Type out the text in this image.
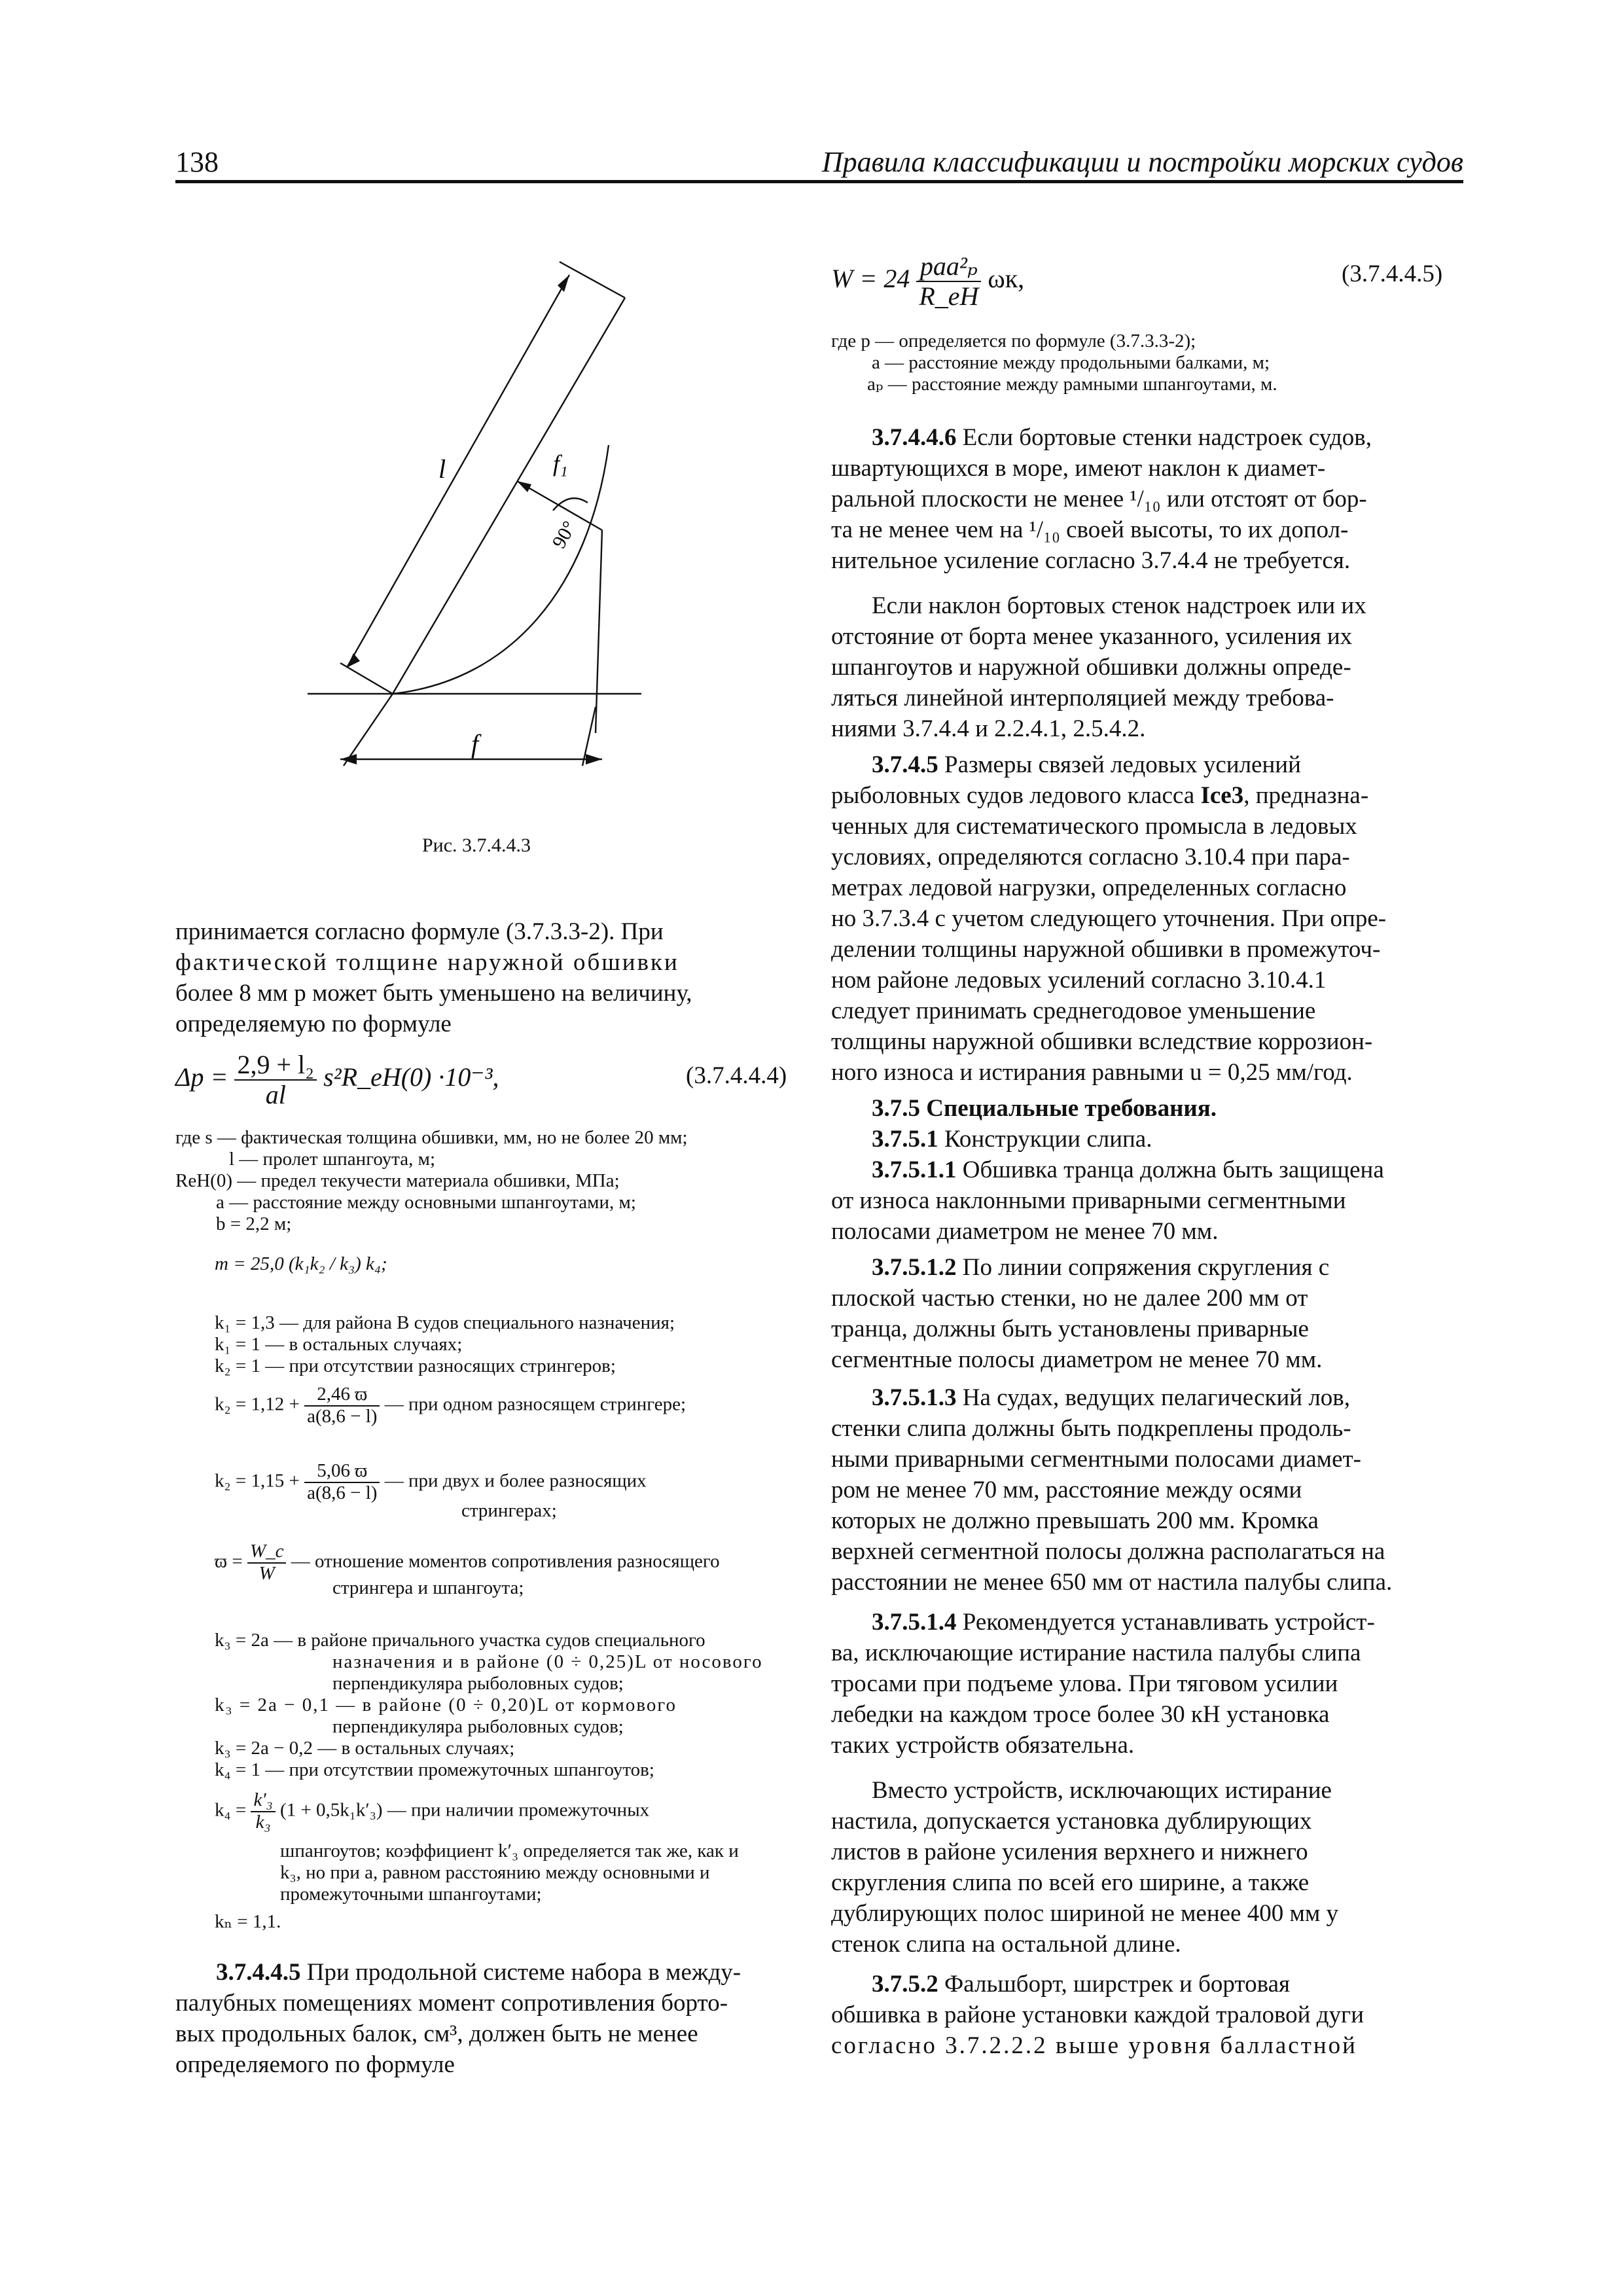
138	Правила классификации и постройки морских судов
l	f₁
f
90°
Рис. 3.7.4.4.3
принимается согласно формуле (3.7.3.3-2). При
фактической толщине наружной обшивки
более 8 мм p может быть уменьшено на величину,
определяемую по формуле
$\Delta p = \frac{\text{2,9 + l₂}}{al}$ s²R_eH(0) ·10⁻³,	(3.7.4.4.4)
где s — фактическая толщина обшивки, мм, но не более 20 мм;
l — пролет шпангоута, м;
ReH(0) — предел текучести материала обшивки, МПа;
a — расстояние между основными шпангоутами, м;
b = 2,2 м;
m = 25,0 (k₁k₂ / k₃) k₄;
k₁ = 1,3 — для района B судов специального назначения;
k₁ = 1 — в остальных случаях;
k₂ = 1 — при отсутствии разносящих стрингеров;
$k_2 = 1,12 + \frac{2,46 ϖ}{a(8,6 - l)}$ — при одном разносящем стрингере;
$k_2 = 1,15 + \frac{5,06 ϖ}{a(8,6 - l)}$ — при двух и более разносящих
стрингерах;
$ϖ = \frac{W\_c}{W}$ — отношение моментов сопротивления разносящего
стрингера и шпангоута;
k₃ = 2a — в районе причального участка судов специального
назначения и в районе (0 ÷ 0,25)L от носового
перпендикуляра рыболовных судов;
k₃ = 2a − 0,1 — в районе (0 ÷ 0,20)L от кормового
перпендикуляра рыболовных судов;
k₃ = 2a − 0,2 — в остальных случаях;
k₄ = 1 — при отсутствии промежуточных шпангоутов;
$k_4 = \frac{\text{k′₃}}{\text{k₃}} (1 + 0,5k_1k'_3)$ — при наличии промежуточных
шпангоутов; коэффициент k′₃ определяется так же, как и
k₃, но при a, равном расстоянию между основными и
промежуточными шпангоутами;
kₙ = 1,1.
3.7.4.4.5 При продольной системе набора в между-
палубных помещениях момент сопротивления борто-
вых продольных балок, см³, должен быть не менее
определяемого по формуле
$W = 24 \frac{\text{paa²ₚ}}{R\_eH} \omega к$,	(3.7.4.4.5)
где p — определяется по формуле (3.7.3.3-2);
a — расстояние между продольными балками, м;
aₚ — расстояние между рамными шпангоутами, м.
3.7.4.4.6 Если бортовые стенки надстроек судов,
швартующихся в море, имеют наклон к диамет-
ральной плоскости не менее ¹/₁₀ или отстоят от бор-
та не менее чем на ¹/₁₀ своей высоты, то их допол-
нительное усиление согласно 3.7.4.4 не требуется.
Если наклон бортовых стенок надстроек или их
отстояние от борта менее указанного, усиления их
шпангоутов и наружной обшивки должны опреде-
ляться линейной интерполяцией между требова-
ниями 3.7.4.4 и 2.2.4.1, 2.5.4.2.
3.7.4.5 Размеры связей ледовых усилений
рыболовных судов ледового класса Ice3, предназна-
ченных для систематического промысла в ледовых
условиях, определяются согласно 3.10.4 при пара-
метрах ледовой нагрузки, определенных согласно
но 3.7.3.4 с учетом следующего уточнения. При опре-
делении толщины наружной обшивки в промежуточ-
ном районе ледовых усилений согласно 3.10.4.1
следует принимать среднегодовое уменьшение
толщины наружной обшивки вследствие коррозион-
ного износа и истирания равными u = 0,25 мм/год.
3.7.5 Специальные требования.
3.7.5.1 Конструкции слипа.
3.7.5.1.1 Обшивка транца должна быть защищена
от износа наклонными приварными сегментными
полосами диаметром не менее 70 мм.
3.7.5.1.2 По линии сопряжения скругления с
плоской частью стенки, но не далее 200 мм от
транца, должны быть установлены приварные
сегментные полосы диаметром не менее 70 мм.
3.7.5.1.3 На судах, ведущих пелагический лов,
стенки слипа должны быть подкреплены продоль-
ными приварными сегментными полосами диамет-
ром не менее 70 мм, расстояние между осями
которых не должно превышать 200 мм. Кромка
верхней сегментной полосы должна располагаться на
расстоянии не менее 650 мм от настила палубы слипа.
3.7.5.1.4 Рекомендуется устанавливать устройст-
ва, исключающие истирание настила палубы слипа
тросами при подъеме улова. При тяговом усилии
лебедки на каждом тросе более 30 кН установка
таких устройств обязательна.
Вместо устройств, исключающих истирание
настила, допускается установка дублирующих
листов в районе усиления верхнего и нижнего
скругления слипа по всей его ширине, а также
дублирующих полос шириной не менее 400 мм у
стенок слипа на остальной длине.
3.7.5.2 Фальшборт, ширстрек и бортовая
обшивка в районе установки каждой траловой дуги
согласно 3.7.2.2.2 выше уровня балластной
